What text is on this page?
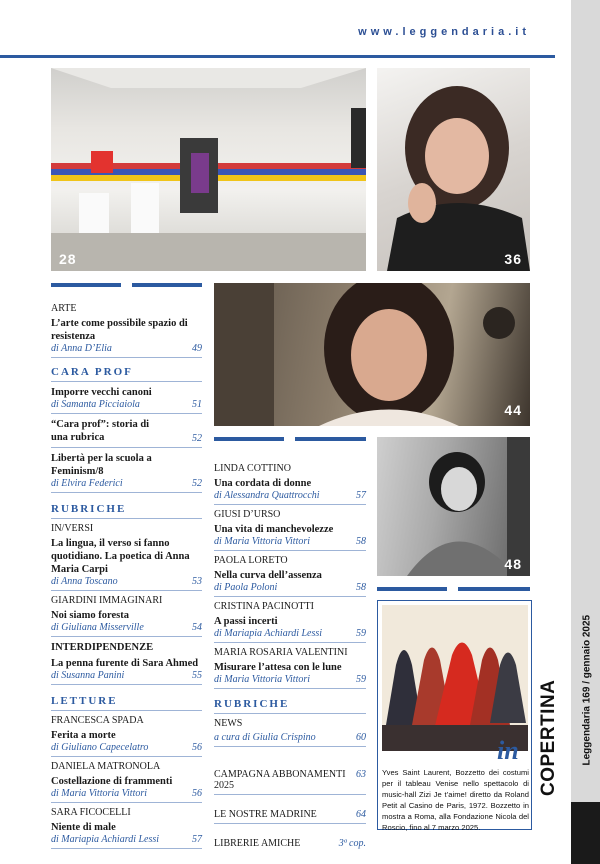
www.leggendaria.it
3
Leggendaria 169 / gennaio 2025
COPERTINA
28	36
44
48
in
Yves Saint Laurent, Bozzetto dei costumi per il tableau Venise nello spettacolo di music-hall Zizi Je t’aime! diretto da Roland Petit al Casino de Paris, 1972. Bozzetto in mostra a Roma, alla Fondazione Nicola del Roscio, fino al 7 marzo 2025.
ARTE
L’arte come possibile spazio di resistenza
di Anna D’Elia	49
CARA PROF
Imporre vecchi canoni
di Samanta Picciaiola	51
“Cara prof”: storia di una rubrica	52
Libertà per la scuola a Feminism/8
di Elvira Federici	52
RUBRICHE
IN/VERSI
La lingua, il verso si fanno quotidiano. La poetica di Anna Maria Carpi
di Anna Toscano	53
GIARDINI IMMAGINARI
Noi siamo foresta
di Giuliana Misserville	54
INTERDIPENDENZE
La penna furente di Sara Ahmed
di Susanna Panini	55
LETTURE
FRANCESCA SPADA
Ferita a morte
di Giuliano Capecelatro	56
DANIELA MATRONOLA
Costellazione di frammenti
di Maria Vittoria Vittori	56
SARA FICOCELLI
Niente di male
di Mariapia Achiardi Lessi	57
LINDA COTTINO
Una cordata di donne
di Alessandra Quattrocchi	57
GIUSI D’URSO
Una vita di manchevolezze
di Maria Vittoria Vittori	58
PAOLA LORETO
Nella curva dell’assenza
di Paola Poloni	58
CRISTINA PACINOTTI
A passi incerti
di Mariapia Achiardi Lessi	59
MARIA ROSARIA VALENTINI
Misurare l’attesa con le lune
di Maria Vittoria Vittori	59
RUBRICHE
NEWS
a cura di Giulia Crispino	60
CAMPAGNA ABBONAMENTI 2025
63
LE NOSTRE MADRINE	64
LIBRERIE AMICHE	3ª cop.
